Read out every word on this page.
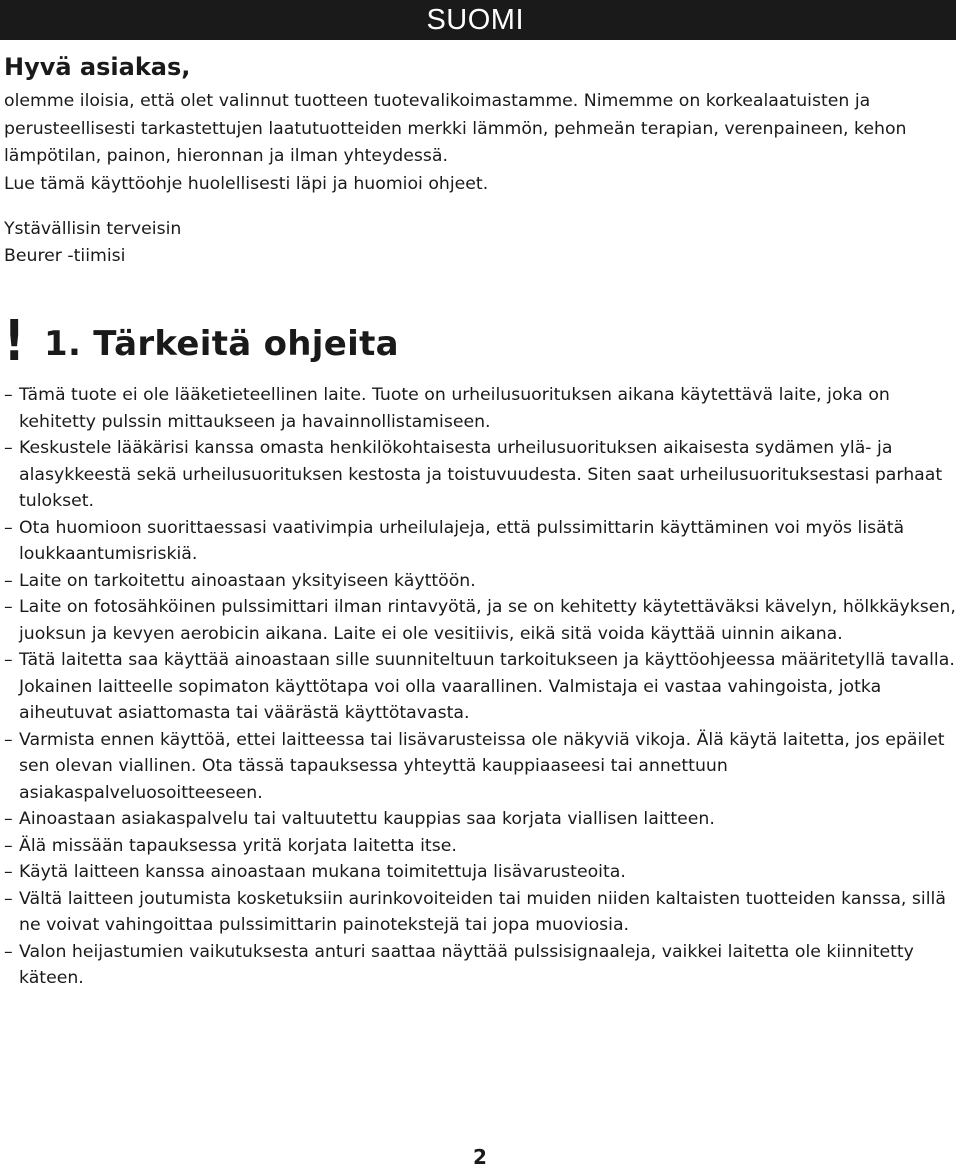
SUOMI
Hyvä asiakas,

olemme iloisia, että olet valinnut tuotteen tuotevalikoimastamme. Nimemme on korkealaatuisten ja perusteellisesti tarkastettujen laatutuotteiden merkki lämmön, pehmeän terapian, verenpaineen, kehon lämpötilan, painon, hieronnan ja ilman yhteydessä.

Lue tämä käyttöohje huolellisesti läpi ja huomioi ohjeet.

Ystävällisin terveisin

Beurer -tiimisi

! 1. Tärkeitä ohjeita
– Tämä tuote ei ole lääketieteellinen laite. Tuote on urheilusuorituksen aikana käytettävä laite, joka on kehitetty pulssin mittaukseen ja havainnollistamiseen.
– Keskustele lääkärisi kanssa omasta henkilökohtaisesta urheilusuorituksen aikaisesta sydämen ylä- ja alasykkeestä sekä urheilusuorituksen kestosta ja toistuvuudesta. Siten saat urheilusuorituksestasi parhaat tulokset.
– Ota huomioon suorittaessasi vaativimpia urheilulajeja, että pulssimittarin käyttäminen voi myös lisätä loukkaantumisriskiä.
– Laite on tarkoitettu ainoastaan yksityiseen käyttöön.
– Laite on fotosähköinen pulssimittari ilman rintavyötä, ja se on kehitetty käytettäväksi kävelyn, hölkkäyksen, juoksun ja kevyen aerobicin aikana. Laite ei ole vesitiivis, eikä sitä voida käyttää uinnin aikana.
– Tätä laitetta saa käyttää ainoastaan sille suunniteltuun tarkoitukseen ja käyttöohjeessa määritetyllä tavalla. Jokainen laitteelle sopimaton käyttötapa voi olla vaarallinen. Valmistaja ei vastaa vahingoista, jotka aiheutuvat asiattomasta tai väärästä käyttötavasta.
– Varmista ennen käyttöä, ettei laitteessa tai lisävarusteissa ole näkyviä vikoja. Älä käytä laitetta, jos epäilet sen olevan viallinen. Ota tässä tapauksessa yhteyttä kauppiaaseesi tai annettuun asiakaspalveluosoitteeseen.
– Ainoastaan asiakaspalvelu tai valtuutettu kauppias saa korjata viallisen laitteen.
– Älä missään tapauksessa yritä korjata laitetta itse.
– Käytä laitteen kanssa ainoastaan mukana toimitettuja lisävarusteoita.
– Vältä laitteen joutumista kosketuksiin aurinkovoiteiden tai muiden niiden kaltaisten tuotteiden kanssa, sillä ne voivat vahingoittaa pulssimittarin painotekstejä tai jopa muoviosia.
– Valon heijastumien vaikutuksesta anturi saattaa näyttää pulssisignaaleja, vaikkei laitetta ole kiinnitetty käteen.
2
